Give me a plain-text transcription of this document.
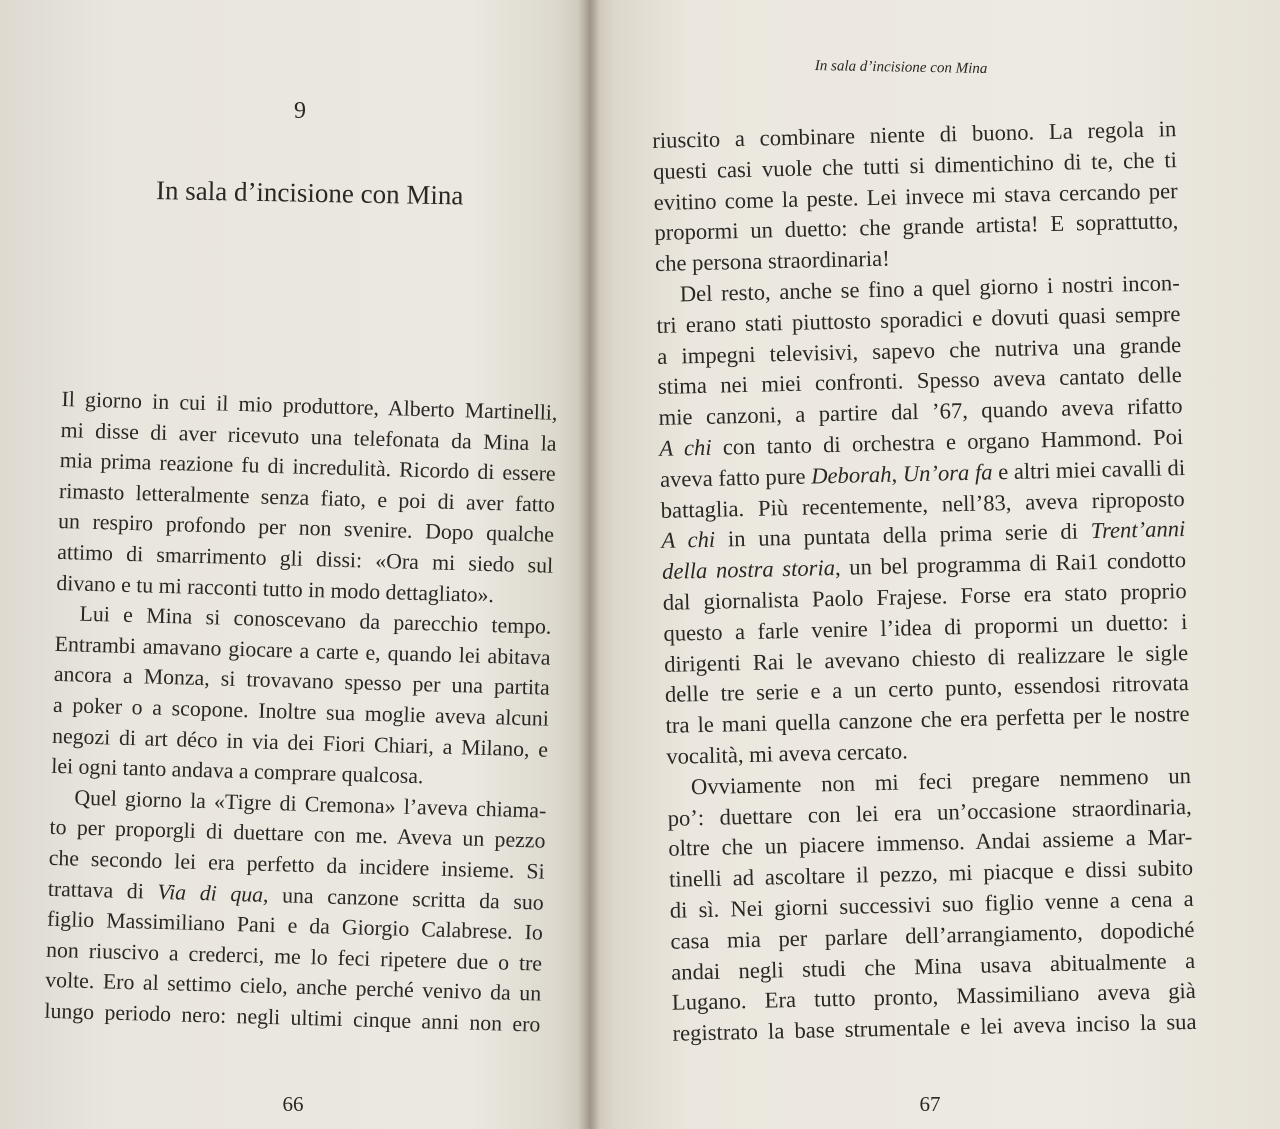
9
In sala d’incisione con Mina
Il giorno in cui il mio produttore, Alberto Martinelli,
mi disse di aver ricevuto una telefonata da Mina la
mia prima reazione fu di incredulità. Ricordo di essere
rimasto letteralmente senza fiato, e poi di aver fatto
un respiro profondo per non svenire. Dopo qualche
attimo di smarrimento gli dissi: «Ora mi siedo sul
divano e tu mi racconti tutto in modo dettagliato».
Lui e Mina si conoscevano da parecchio tempo.
Entrambi amavano giocare a carte e, quando lei abitava
ancora a Monza, si trovavano spesso per una partita
a poker o a scopone. Inoltre sua moglie aveva alcuni
negozi di art déco in via dei Fiori Chiari, a Milano, e
lei ogni tanto andava a comprare qualcosa.
Quel giorno la «Tigre di Cremona» l’aveva chiama-
to per proporgli di duettare con me. Aveva un pezzo
che secondo lei era perfetto da incidere insieme. Si
trattava di Via di qua, una canzone scritta da suo
figlio Massimiliano Pani e da Giorgio Calabrese. Io
non riuscivo a crederci, me lo feci ripetere due o tre
volte. Ero al settimo cielo, anche perché venivo da un
lungo periodo nero: negli ultimi cinque anni non ero
66
In sala d’incisione con Mina
riuscito a combinare niente di buono. La regola in
questi casi vuole che tutti si dimentichino di te, che ti
evitino come la peste. Lei invece mi stava cercando per
propormi un duetto: che grande artista! E soprattutto,
che persona straordinaria!
Del resto, anche se fino a quel giorno i nostri incon-
tri erano stati piuttosto sporadici e dovuti quasi sempre
a impegni televisivi, sapevo che nutriva una grande
stima nei miei confronti. Spesso aveva cantato delle
mie canzoni, a partire dal ’67, quando aveva rifatto
A chi con tanto di orchestra e organo Hammond. Poi
aveva fatto pure Deborah, Un’ora fa e altri miei cavalli di
battaglia. Più recentemente, nell’83, aveva riproposto
A chi in una puntata della prima serie di Trent’anni
della nostra storia, un bel programma di Rai1 condotto
dal giornalista Paolo Frajese. Forse era stato proprio
questo a farle venire l’idea di propormi un duetto: i
dirigenti Rai le avevano chiesto di realizzare le sigle
delle tre serie e a un certo punto, essendosi ritrovata
tra le mani quella canzone che era perfetta per le nostre
vocalità, mi aveva cercato.
Ovviamente non mi feci pregare nemmeno un
po’: duettare con lei era un’occasione straordinaria,
oltre che un piacere immenso. Andai assieme a Mar-
tinelli ad ascoltare il pezzo, mi piacque e dissi subito
di sì. Nei giorni successivi suo figlio venne a cena a
casa mia per parlare dell’arrangiamento, dopodiché
andai negli studi che Mina usava abitualmente a
Lugano. Era tutto pronto, Massimiliano aveva già
registrato la base strumentale e lei aveva inciso la sua
67
